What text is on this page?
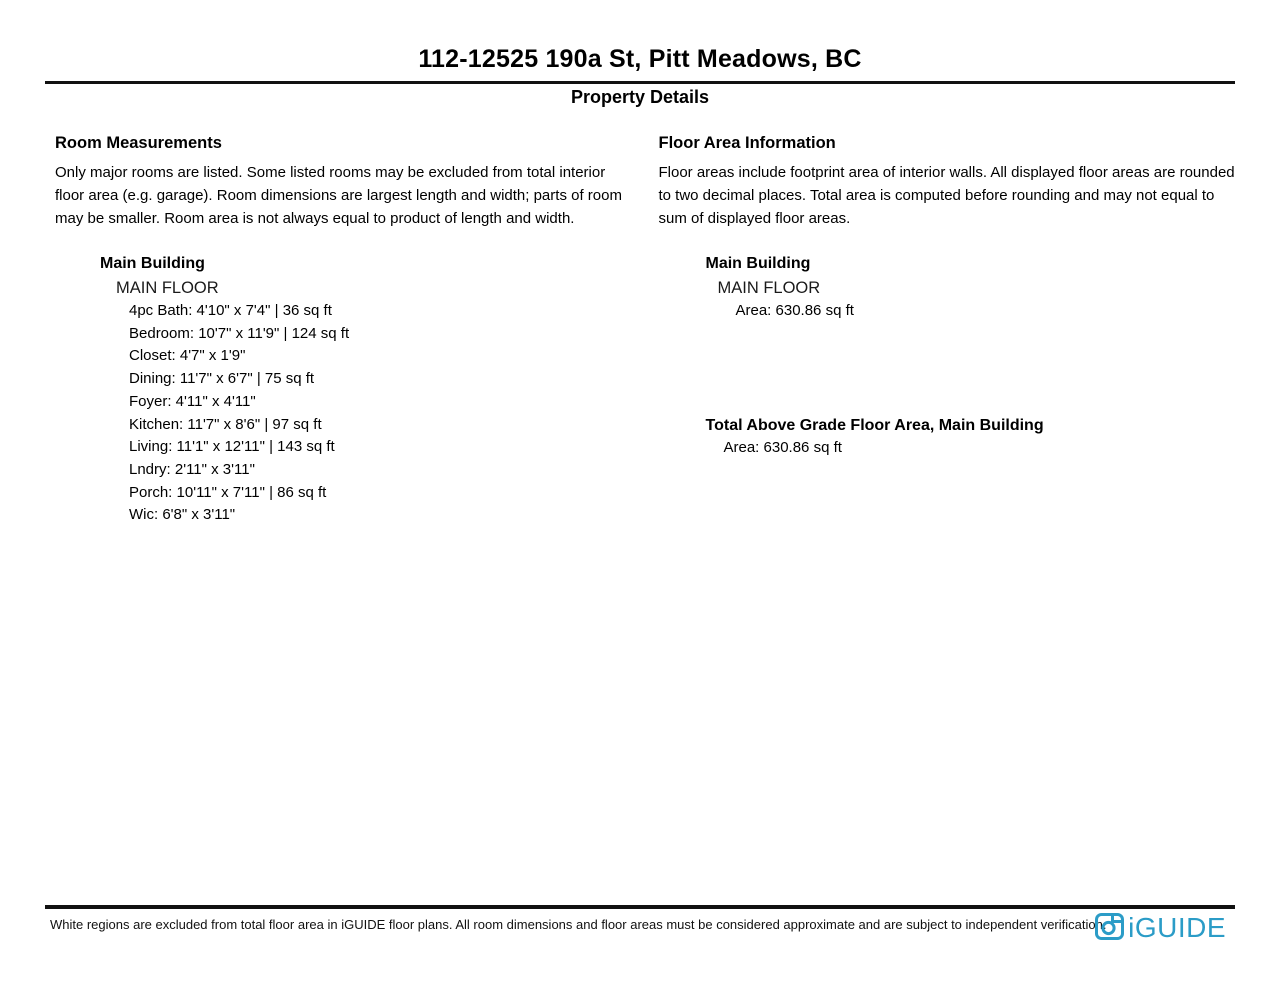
112-12525 190a St, Pitt Meadows, BC
Property Details
Room Measurements
Only major rooms are listed. Some listed rooms may be excluded from total interior floor area (e.g. garage). Room dimensions are largest length and width; parts of room may be smaller. Room area is not always equal to product of length and width.
Main Building
MAIN FLOOR
4pc Bath: 4'10" x 7'4" | 36 sq ft
Bedroom: 10'7" x 11'9" | 124 sq ft
Closet: 4'7" x 1'9"
Dining: 11'7" x 6'7" | 75 sq ft
Foyer: 4'11" x 4'11"
Kitchen: 11'7" x 8'6" | 97 sq ft
Living: 11'1" x 12'11" | 143 sq ft
Lndry: 2'11" x 3'11"
Porch: 10'11" x 7'11" | 86 sq ft
Wic: 6'8" x 3'11"
Floor Area Information
Floor areas include footprint area of interior walls. All displayed floor areas are rounded to two decimal places. Total area is computed before rounding and may not equal to sum of displayed floor areas.
Main Building
MAIN FLOOR
Area: 630.86 sq ft
Total Above Grade Floor Area, Main Building
Area: 630.86 sq ft
White regions are excluded from total floor area in iGUIDE floor plans. All room dimensions and floor areas must be considered approximate and are subject to independent verification. iGUIDE
